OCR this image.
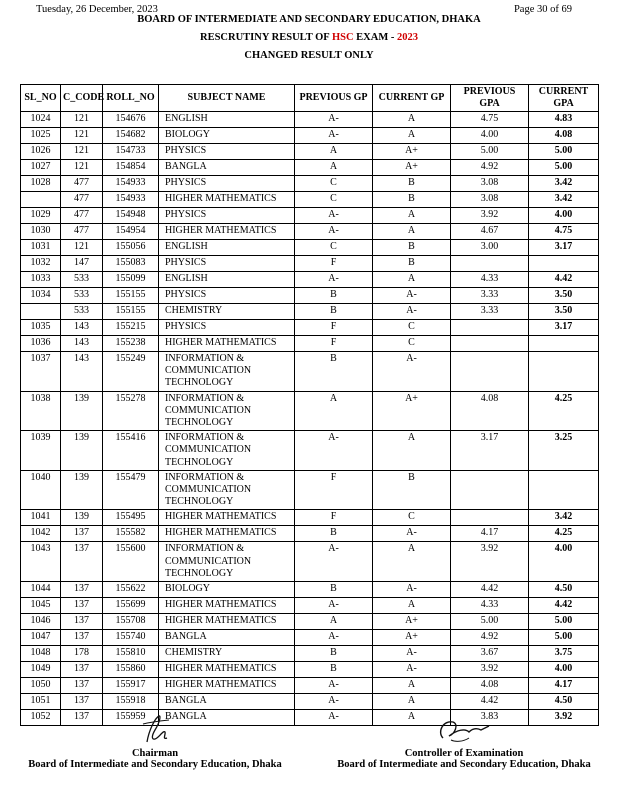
Tuesday, 26 December, 2023	Page 30 of 69
BOARD OF INTERMEDIATE AND SECONDARY EDUCATION, DHAKA
RESCRUTINY RESULT OF HSC EXAM - 2023
CHANGED RESULT ONLY
SL_NO	C_CODE	ROLL_NO	SUBJECT NAME	PREVIOUS GP	CURRENT GP	PREVIOUS GPA	CURRENT GPA
1024	121	154676	ENGLISH	A-	A	4.75	4.83
1025	121	154682	BIOLOGY	A-	A	4.00	4.08
1026	121	154733	PHYSICS	A	A+	5.00	5.00
1027	121	154854	BANGLA	A	A+	4.92	5.00
1028	477	154933	PHYSICS	C	B	3.08	3.42
	477	154933	HIGHER MATHEMATICS	C	B	3.08	3.42
1029	477	154948	PHYSICS	A-	A	3.92	4.00
1030	477	154954	HIGHER MATHEMATICS	A-	A	4.67	4.75
1031	121	155056	ENGLISH	C	B	3.00	3.17
1032	147	155083	PHYSICS	F	B		
1033	533	155099	ENGLISH	A-	A	4.33	4.42
1034	533	155155	PHYSICS	B	A-	3.33	3.50
	533	155155	CHEMISTRY	B	A-	3.33	3.50
1035	143	155215	PHYSICS	F	C		3.17
1036	143	155238	HIGHER MATHEMATICS	F	C		
1037	143	155249	INFORMATION & COMMUNICATION TECHNOLOGY	B	A-		
1038	139	155278	INFORMATION & COMMUNICATION TECHNOLOGY	A	A+	4.08	4.25
1039	139	155416	INFORMATION & COMMUNICATION TECHNOLOGY	A-	A	3.17	3.25
1040	139	155479	INFORMATION & COMMUNICATION TECHNOLOGY	F	B		
1041	139	155495	HIGHER MATHEMATICS	F	C		3.42
1042	137	155582	HIGHER MATHEMATICS	B	A-	4.17	4.25
1043	137	155600	INFORMATION & COMMUNICATION TECHNOLOGY	A-	A	3.92	4.00
1044	137	155622	BIOLOGY	B	A-	4.42	4.50
1045	137	155699	HIGHER MATHEMATICS	A-	A	4.33	4.42
1046	137	155708	HIGHER MATHEMATICS	A	A+	5.00	5.00
1047	137	155740	BANGLA	A-	A+	4.92	5.00
1048	178	155810	CHEMISTRY	B	A-	3.67	3.75
1049	137	155860	HIGHER MATHEMATICS	B	A-	3.92	4.00
1050	137	155917	HIGHER MATHEMATICS	A-	A	4.08	4.17
1051	137	155918	BANGLA	A-	A	4.42	4.50
1052	137	155959	BANGLA	A-	A	3.83	3.92
Chairman
Board of Intermediate and Secondary Education, Dhaka
Controller of Examination
Board of Intermediate and Secondary Education, Dhaka
